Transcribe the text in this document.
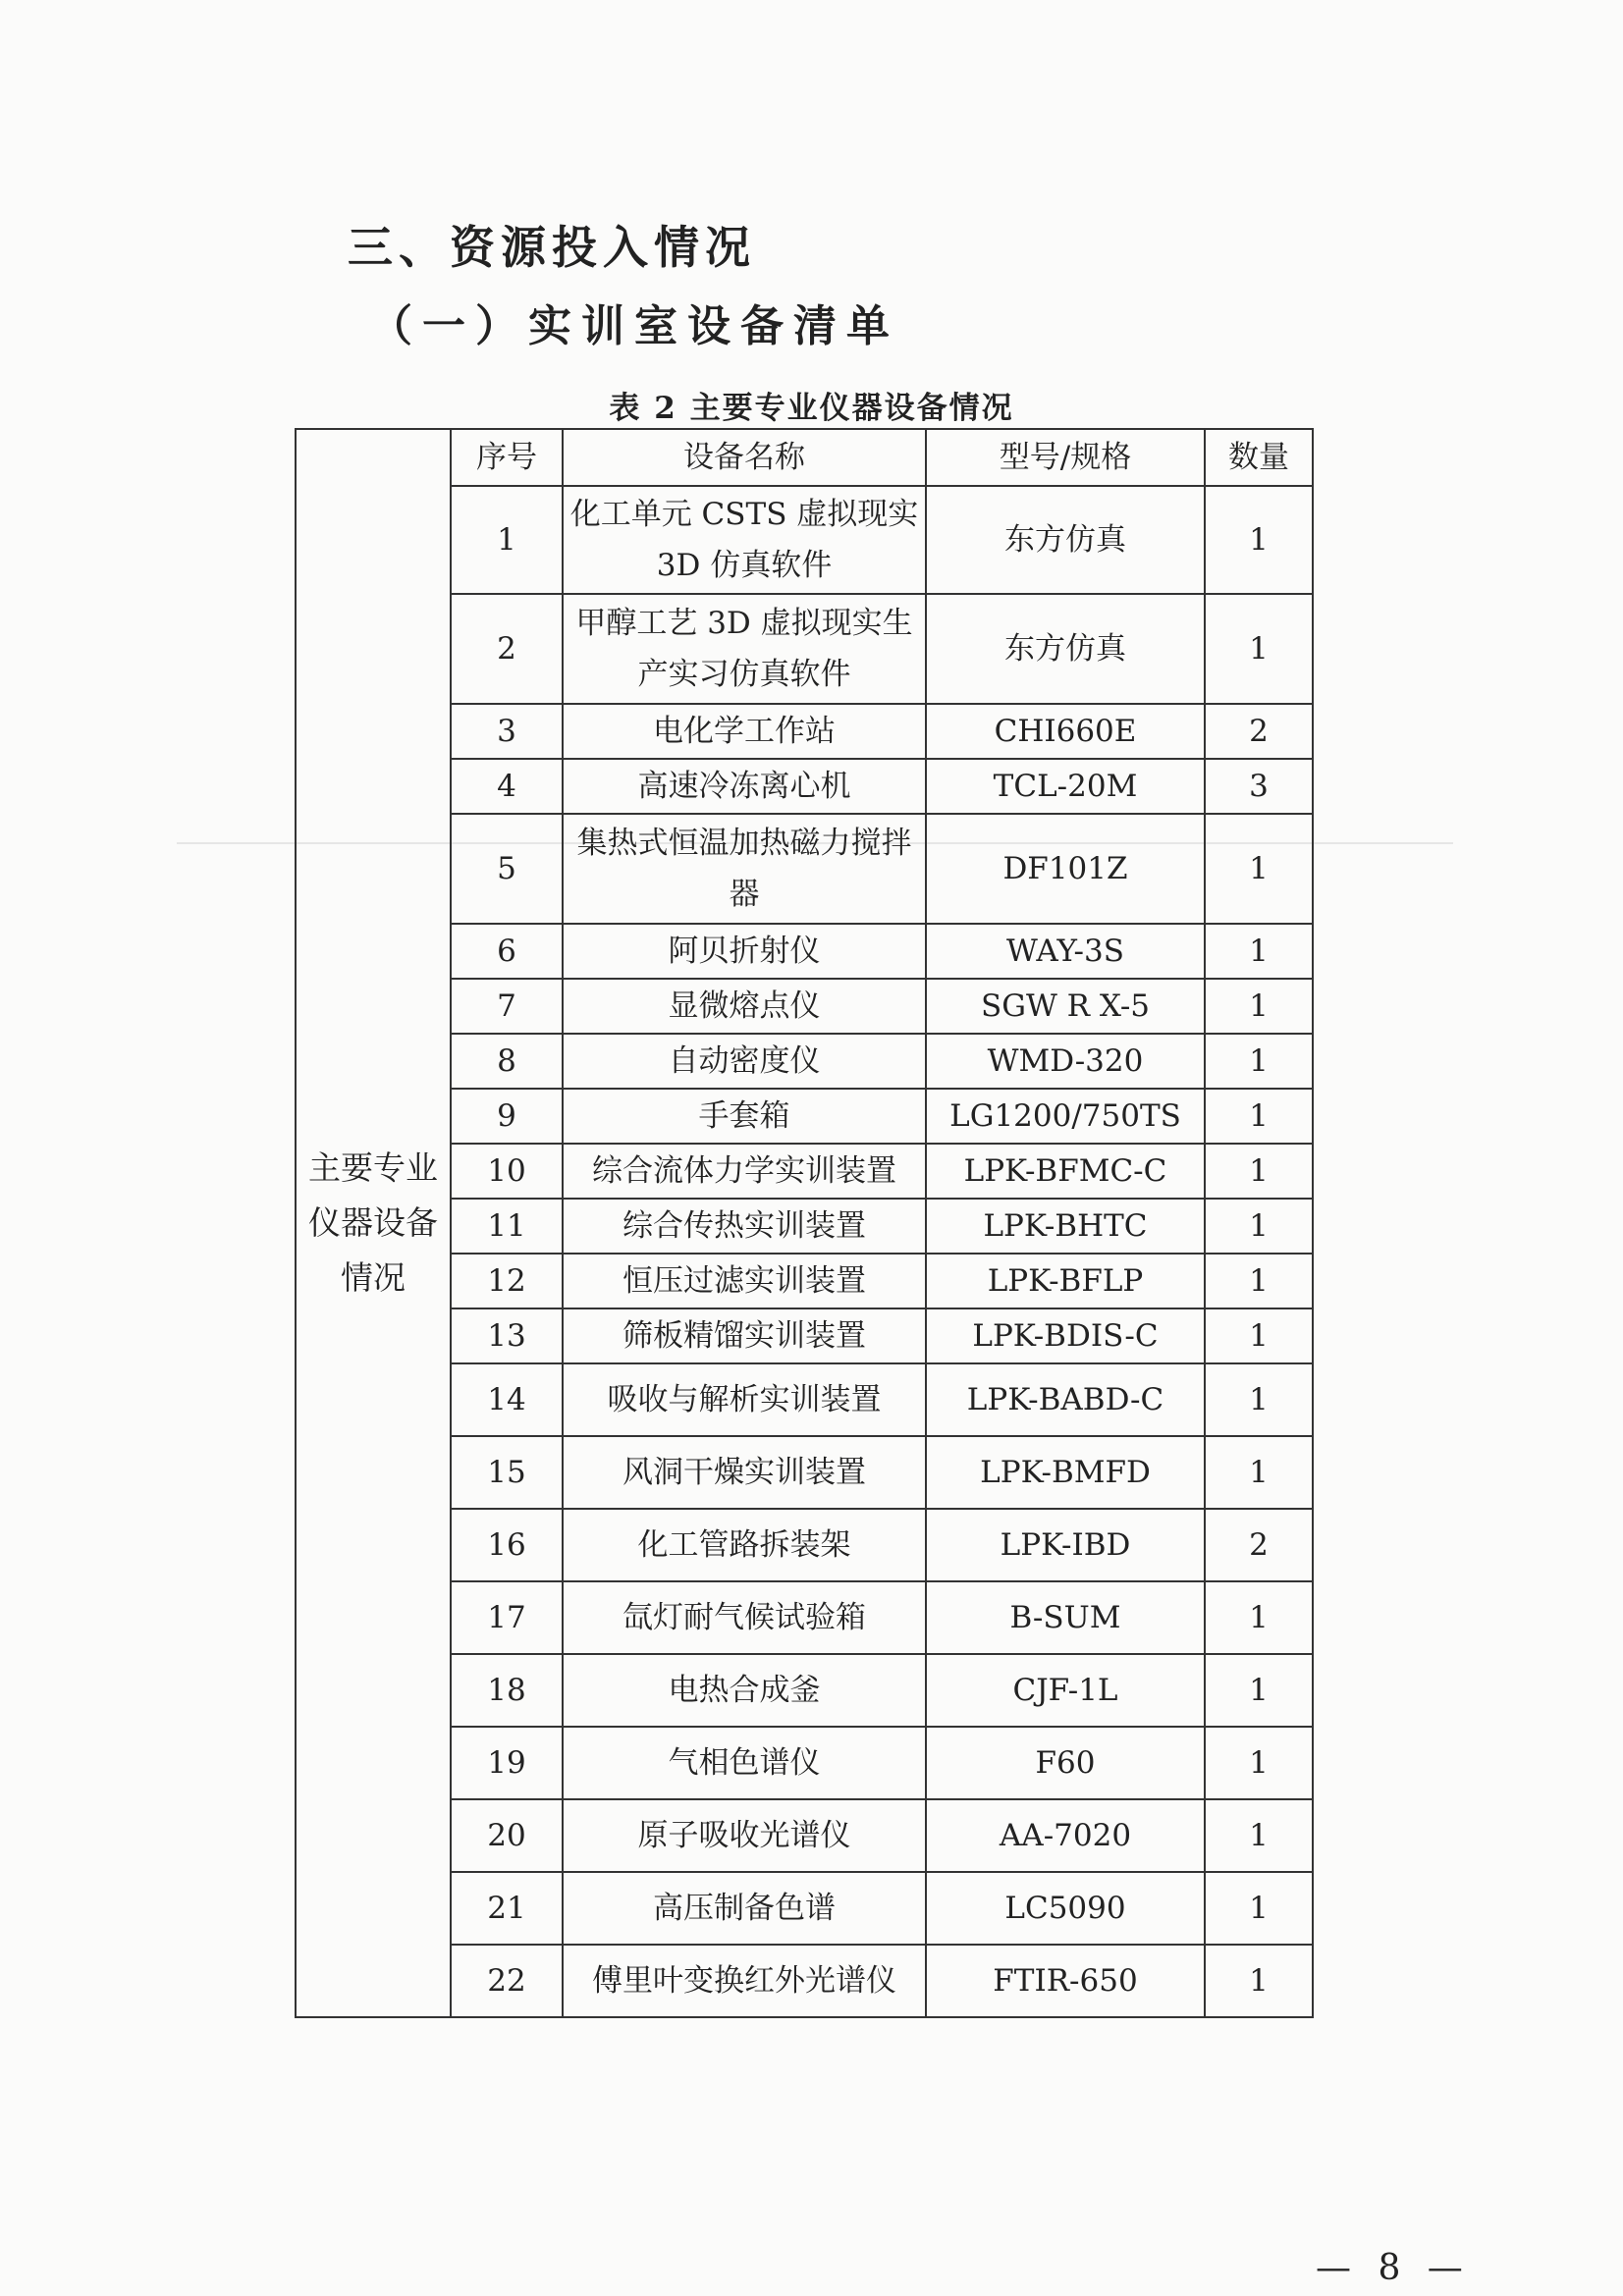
三、资源投入情况
（一）实训室设备清单
表 2 主要专业仪器设备情况
主要专业
仪器设备
情况	序号	设备名称	型号/规格	数量
	1	化工单元 CSTS 虚拟现实 3D 仿真软件	东方仿真	1
	2	甲醇工艺 3D 虚拟现实生产实习仿真软件	东方仿真	1
	3	电化学工作站	CHI660E	2
	4	高速冷冻离心机	TCL-20M	3
	5	集热式恒温加热磁力搅拌器	DF101Z	1
	6	阿贝折射仪	WAY-3S	1
	7	显微熔点仪	SGW R X-5	1
	8	自动密度仪	WMD-320	1
	9	手套箱	LG1200/750TS	1
	10	综合流体力学实训装置	LPK-BFMC-C	1
	11	综合传热实训装置	LPK-BHTC	1
	12	恒压过滤实训装置	LPK-BFLP	1
	13	筛板精馏实训装置	LPK-BDIS-C	1
	14	吸收与解析实训装置	LPK-BABD-C	1
	15	风洞干燥实训装置	LPK-BMFD	1
	16	化工管路拆装架	LPK-IBD	2
	17	氙灯耐气候试验箱	B-SUM	1
	18	电热合成釜	CJF-1L	1
	19	气相色谱仪	F60	1
	20	原子吸收光谱仪	AA-7020	1
	21	高压制备色谱	LC5090	1
	22	傅里叶变换红外光谱仪	FTIR-650	1
— 8 —
